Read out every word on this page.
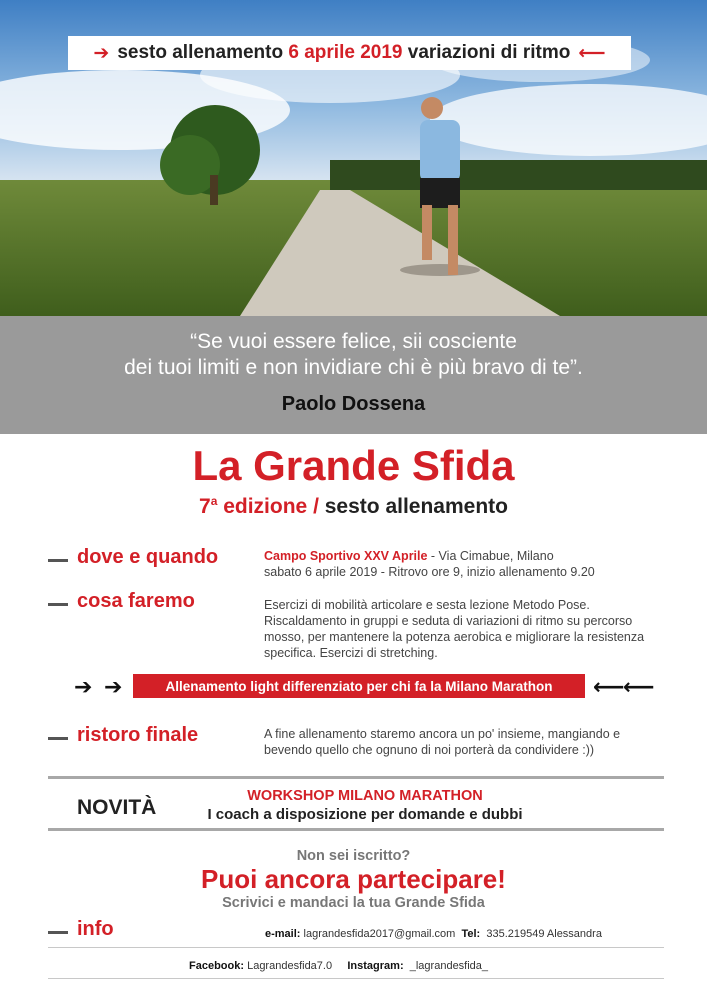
➔ sesto allenamento
6 aprile 2019
variazioni di ritmo ⟵
“Se vuoi essere felice, sii cosciente
dei tuoi limiti e non invidiare chi è più bravo di te”.
Paolo Dossena
La Grande Sfida
7$^a$ edizione / sesto allenamento
dove e quando	Campo Sportivo XXV Aprile - Via Cimabue, Milano
sabato 6 aprile 2019 - Ritrovo ore 9, inizio allenamento 9.20
cosa faremo	Esercizi di mobilità articolare e sesta lezione Metodo Pose. Riscaldamento in gruppi e seduta di variazioni di ritmo su percorso mosso, per mantenere la potenza aerobica e migliorare la resistenza specifica. Esercizi di stretching.
➔ ➔	Allenamento light differenziato per chi fa la Milano Marathon	⟵
⟵
ristoro finale	A fine allenamento staremo ancora un po' insieme, mangiando e bevendo quello che ognuno di noi porterà da condividere :))
NOVITÀ	WORKSHOP MILANO MARATHON
I coach a disposizione per domande e dubbi
Non sei iscritto?
Puoi ancora partecipare!
Scrivici e mandaci la tua Grande Sfida
info	e-mail: lagrandesfida2017@gmail.com Tel: 335.219549 Alessandra
Facebook: Lagrandesfida7.0 Instagram: _lagrandesfida_
